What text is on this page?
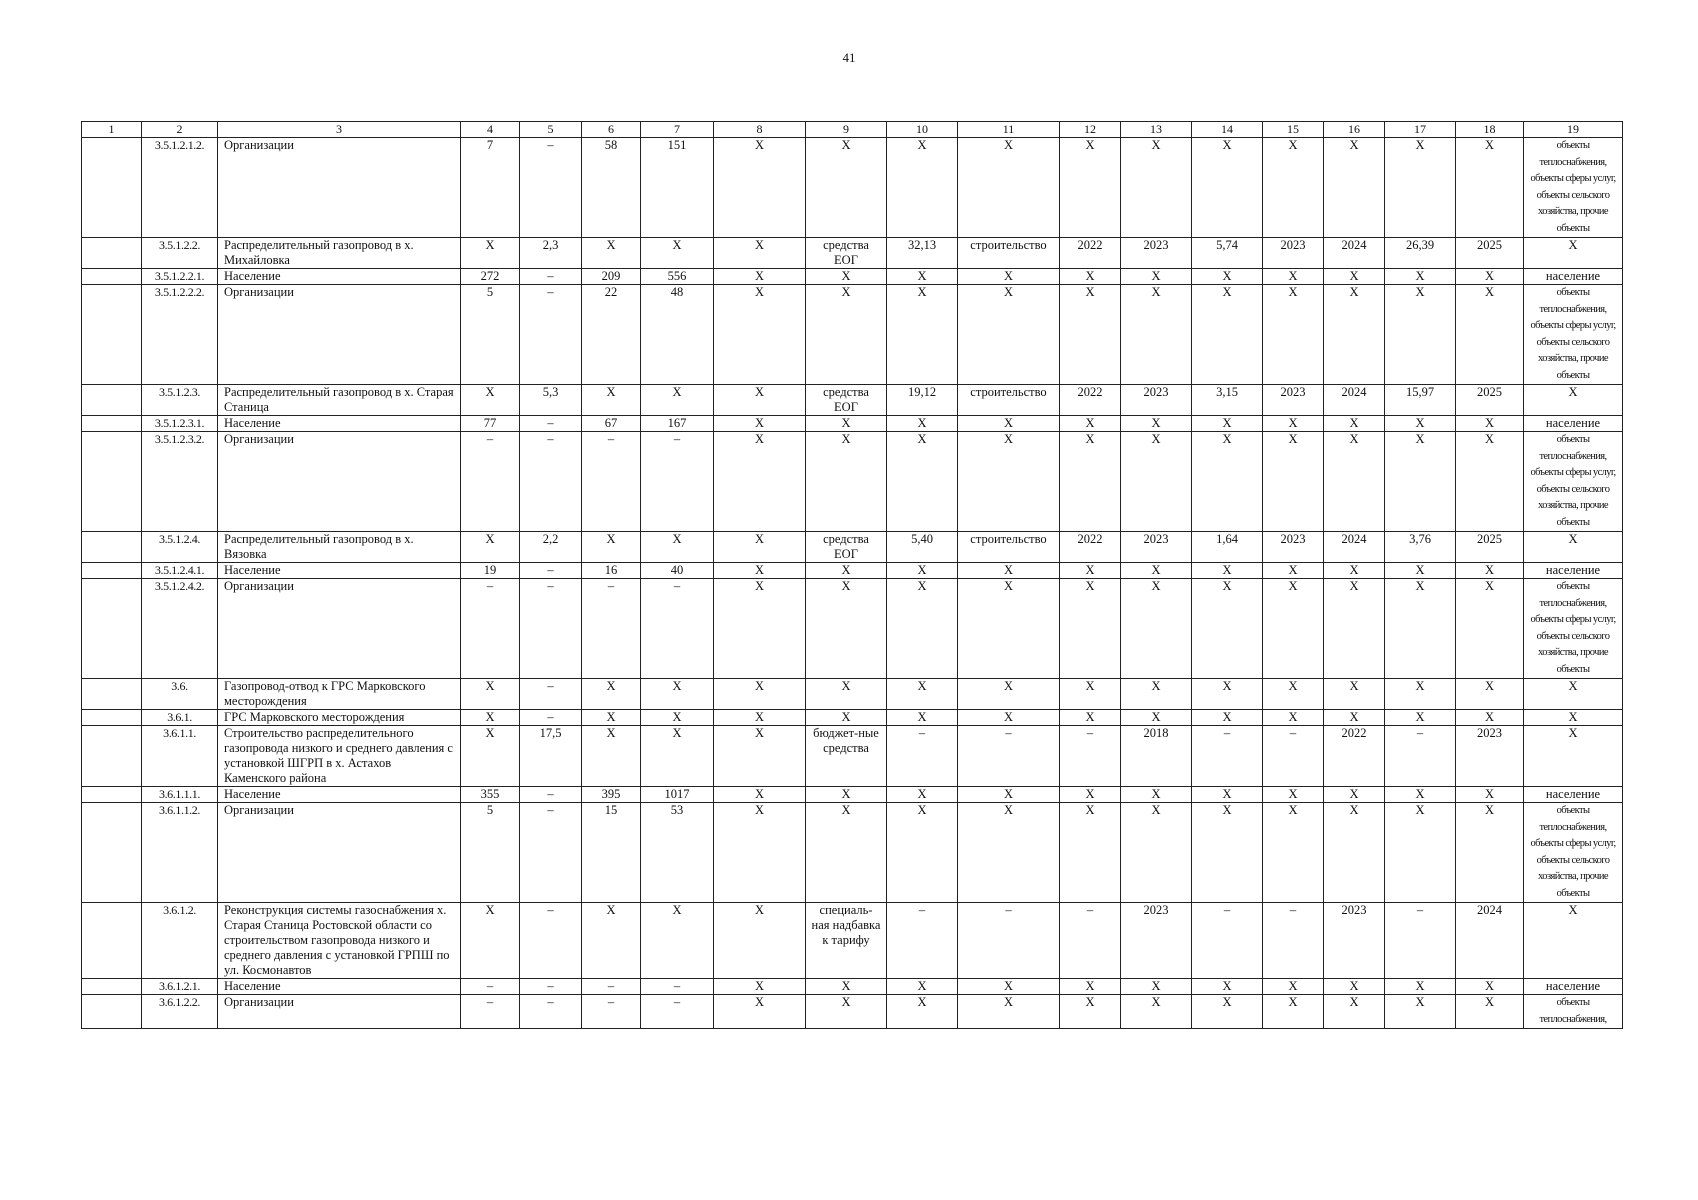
41
1	2	3	4	5	6	7	8	9	10	11	12	13	14	15	16	17	18	19
	3.5.1.2.1.2.	Организации	7	–	58	151	Х	Х	Х	Х	Х	Х	Х	Х	Х	Х	Х	объекты теплоснабжения, объекты сферы услуг, объекты сельского хозяйства, прочие объекты
	3.5.1.2.2.	Распределительный газопровод в х. Михайловка	Х	2,3	Х	Х	Х	средства ЕОГ	32,13	строительство	2022	2023	5,74	2023	2024	26,39	2025	Х
	3.5.1.2.2.1.	Население	272	–	209	556	Х	Х	Х	Х	Х	Х	Х	Х	Х	Х	Х	население
	3.5.1.2.2.2.	Организации	5	–	22	48	Х	Х	Х	Х	Х	Х	Х	Х	Х	Х	Х	объекты теплоснабжения, объекты сферы услуг, объекты сельского хозяйства, прочие объекты
	3.5.1.2.3.	Распределительный газопровод в х. Старая Станица	Х	5,3	Х	Х	Х	средства ЕОГ	19,12	строительство	2022	2023	3,15	2023	2024	15,97	2025	Х
	3.5.1.2.3.1.	Население	77	–	67	167	Х	Х	Х	Х	Х	Х	Х	Х	Х	Х	Х	население
	3.5.1.2.3.2.	Организации	–	–	–	–	Х	Х	Х	Х	Х	Х	Х	Х	Х	Х	Х	объекты теплоснабжения, объекты сферы услуг, объекты сельского хозяйства, прочие объекты
	3.5.1.2.4.	Распределительный газопровод в х. Вязовка	Х	2,2	Х	Х	Х	средства ЕОГ	5,40	строительство	2022	2023	1,64	2023	2024	3,76	2025	Х
	3.5.1.2.4.1.	Население	19	–	16	40	Х	Х	Х	Х	Х	Х	Х	Х	Х	Х	Х	население
	3.5.1.2.4.2.	Организации	–	–	–	–	Х	Х	Х	Х	Х	Х	Х	Х	Х	Х	Х	объекты теплоснабжения, объекты сферы услуг, объекты сельского хозяйства, прочие объекты
	3.6.	Газопровод-отвод к ГРС Марковского месторождения	Х	–	Х	Х	Х	Х	Х	Х	Х	Х	Х	Х	Х	Х	Х	Х
	3.6.1.	ГРС Марковского месторождения	Х	–	Х	Х	Х	Х	Х	Х	Х	Х	Х	Х	Х	Х	Х	Х
	3.6.1.1.	Строительство распределительного газопровода низкого и среднего давления с установкой ШГРП в х. Астахов Каменского района	Х	17,5	Х	Х	Х	бюджет-ные средства	–	–	–	2018	–	–	2022	–	2023	Х
	3.6.1.1.1.	Население	355	–	395	1017	Х	Х	Х	Х	Х	Х	Х	Х	Х	Х	Х	население
	3.6.1.1.2.	Организации	5	–	15	53	Х	Х	Х	Х	Х	Х	Х	Х	Х	Х	Х	объекты теплоснабжения, объекты сферы услуг, объекты сельского хозяйства, прочие объекты
	3.6.1.2.	Реконструкция системы газоснабжения х. Старая Станица Ростовской области со строительством газопровода низкого и среднего давления с установкой ГРПШ по ул. Космонавтов	Х	–	Х	Х	Х	специаль-ная надбавка к тарифу	–	–	–	2023	–	–	2023	–	2024	Х
	3.6.1.2.1.	Население	–	–	–	–	Х	Х	Х	Х	Х	Х	Х	Х	Х	Х	Х	население
	3.6.1.2.2.	Организации	–	–	–	–	Х	Х	Х	Х	Х	Х	Х	Х	Х	Х	Х	объекты теплоснабжения,
